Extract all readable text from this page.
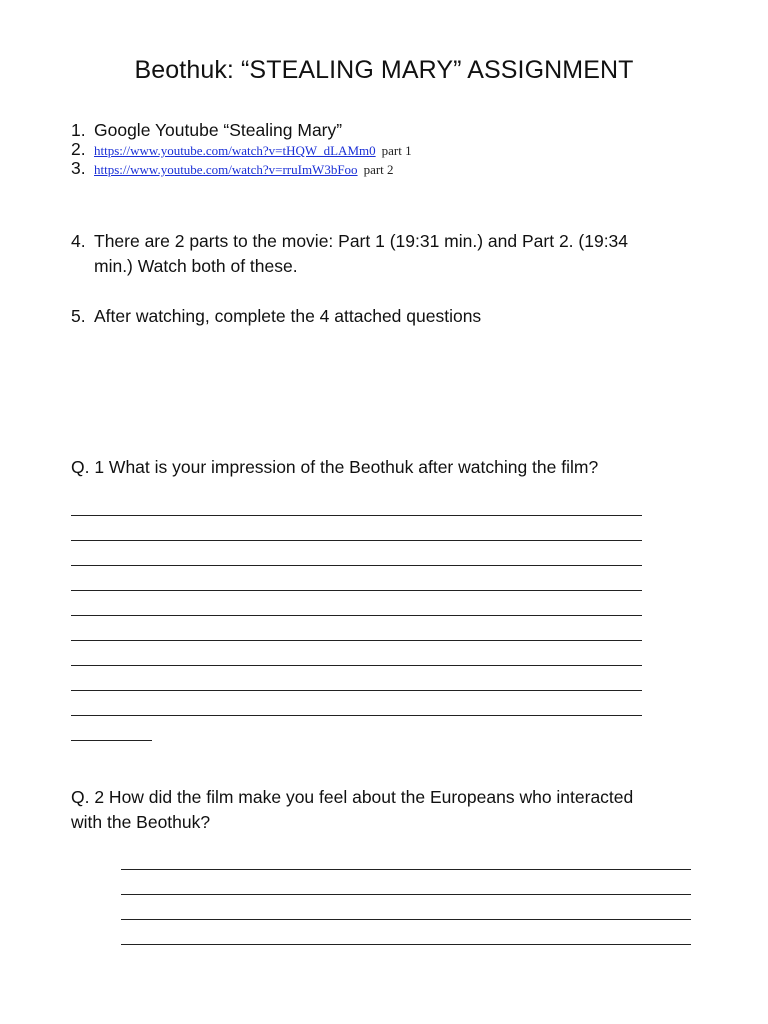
Beothuk: “STEALING MARY” ASSIGNMENT
1. Google Youtube “Stealing Mary”
2. https://www.youtube.com/watch?v=tHQW_dLAMm0 part 1
3. https://www.youtube.com/watch?v=rruImW3bFoo part 2
4. There are 2 parts to the movie: Part 1 (19:31 min.) and Part 2. (19:34
min.) Watch both of these.
5. After watching, complete the 4 attached questions
Q. 1 What is your impression of the Beothuk after watching the film?
Q. 2 How did the film make you feel about the Europeans who interacted
with the Beothuk?
